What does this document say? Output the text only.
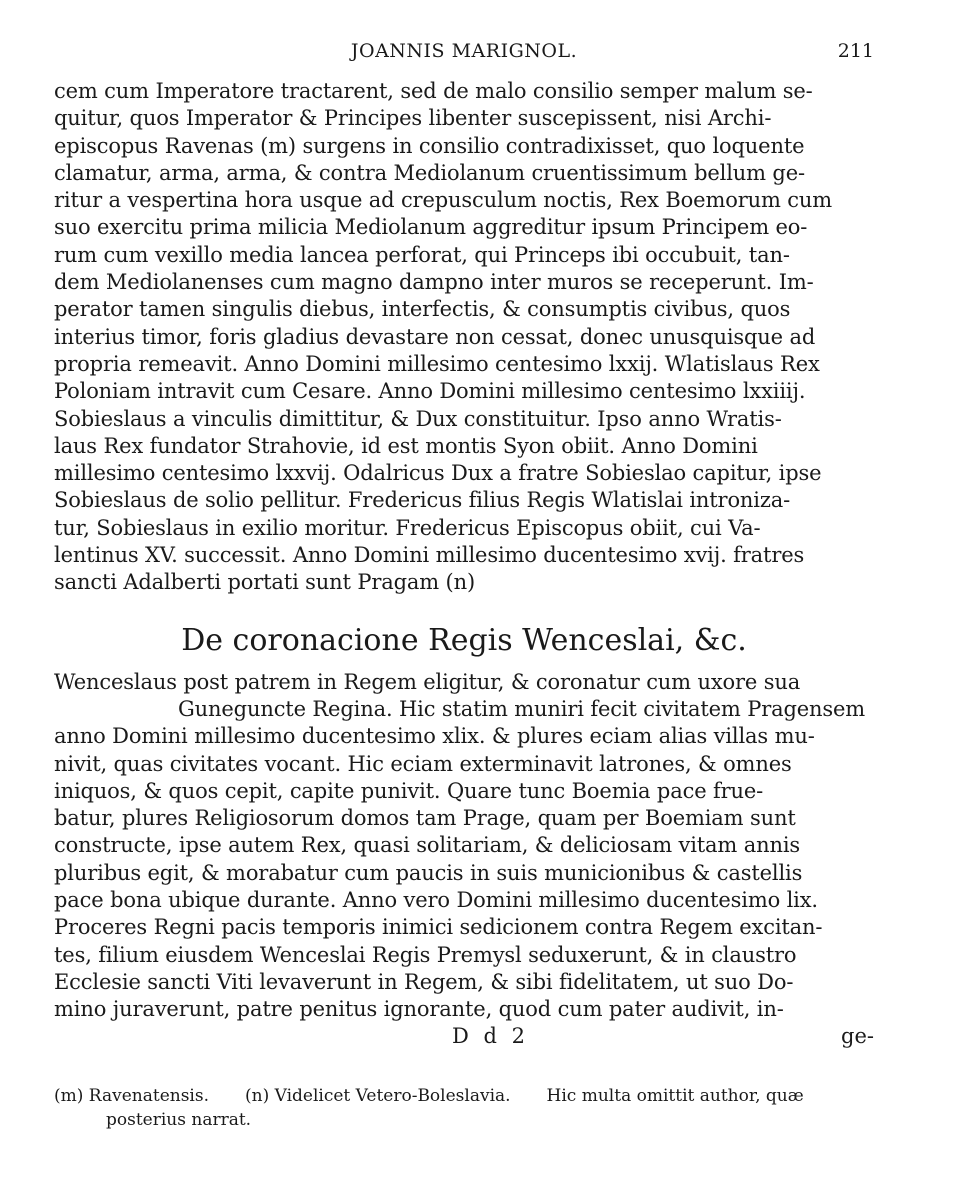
JOANNIS MARIGNOL.	211
cem cum Imperatore tractarent, sed de malo consilio semper malum se-
quitur, quos Imperator & Principes libenter suscepissent, nisi Archi-
episcopus Ravenas (m) surgens in consilio contradixisset, quo loquente
clamatur, arma, arma, & contra Mediolanum cruentissimum bellum ge-
ritur a vespertina hora usque ad crepusculum noctis, Rex Boemorum cum
suo exercitu prima milicia Mediolanum aggreditur ipsum Principem eo-
rum cum vexillo media lancea perforat, qui Princeps ibi occubuit, tan-
dem Mediolanenses cum magno dampno inter muros se receperunt. Im-
perator tamen singulis diebus, interfectis, & consumptis civibus, quos
interius timor, foris gladius devastare non cessat, donec unusquisque ad
propria remeavit. Anno Domini millesimo centesimo lxxij. Wlatislaus Rex
Poloniam intravit cum Cesare. Anno Domini millesimo centesimo lxxiiij.
Sobieslaus a vinculis dimittitur, & Dux constituitur. Ipso anno Wratis-
laus Rex fundator Strahovie, id est montis Syon obiit. Anno Domini
millesimo centesimo lxxvij. Odalricus Dux a fratre Sobieslao capitur, ipse
Sobieslaus de solio pellitur. Fredericus filius Regis Wlatislai intronizа-
tur, Sobieslaus in exilio moritur. Fredericus Episcopus obiit, cui Va-
lentinus XV. successit. Anno Domini millesimo ducentesimo xvij. fratres
sancti Adalberti portati sunt Pragam (n)
De coronacione Regis Wenceslai, &c.
Wenceslaus post patrem in Regem eligitur, & coronatur cum uxore sua
Guneguncte Regina. Hic statim muniri fecit civitatem Pragensem
anno Domini millesimo ducentesimo xlix. & plures eciam alias villas mu-
nivit, quas civitates vocant. Hic eciam exterminavit latrones, & omnes
iniquos, & quos cepit, capite punivit. Quare tunc Boemia pace frue-
batur, plures Religiosorum domos tam Prage, quam per Boemiam sunt
constructe, ipse autem Rex, quasi solitariam, & deliciosam vitam annis
pluribus egit, & morabatur cum paucis in suis municionibus & castellis
pace bona ubique durante. Anno vero Domini millesimo ducentesimo lix.
Proceres Regni pacis temporis inimici sedicionem contra Regem excitan-
tes, filium eiusdem Wenceslai Regis Premysl seduxerunt, & in claustro
Ecclesie sancti Viti levaverunt in Regem, & sibi fidelitatem, ut suo Do-
mino juraverunt, patre penitus ignorante, quod cum pater audivit, in-
D d 2	ge-
(m) Ravenatensis. (n) Videlicet Vetero-Boleslavia. Hic multa omittit author, quæ
posterius narrat.
